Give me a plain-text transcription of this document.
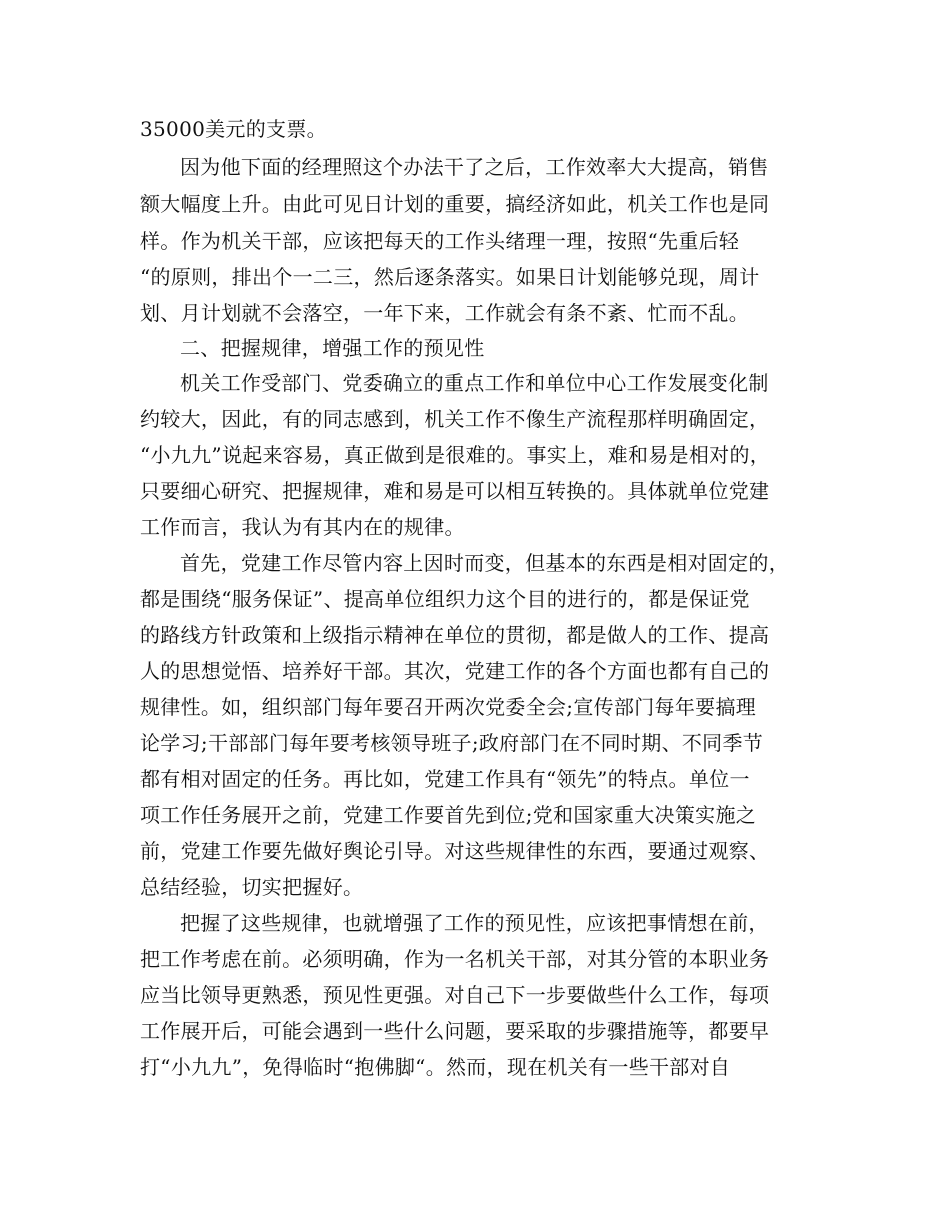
35000美元的支票。
因为他下面的经理照这个办法干了之后，工作效率大大提高，销售
额大幅度上升。由此可见日计划的重要，搞经济如此，机关工作也是同
样。作为机关干部，应该把每天的工作头绪理一理，按照“先重后轻
“的原则，排出个一二三，然后逐条落实。如果日计划能够兑现，周计
划、月计划就不会落空，一年下来，工作就会有条不紊、忙而不乱。
二、把握规律，增强工作的预见性
机关工作受部门、党委确立的重点工作和单位中心工作发展变化制
约较大，因此，有的同志感到，机关工作不像生产流程那样明确固定，
“小九九”说起来容易，真正做到是很难的。事实上，难和易是相对的，
只要细心研究、把握规律，难和易是可以相互转换的。具体就单位党建
工作而言，我认为有其内在的规律。
首先，党建工作尽管内容上因时而变，但基本的东西是相对固定的，
都是围绕“服务保证”、提高单位组织力这个目的进行的，都是保证党
的路线方针政策和上级指示精神在单位的贯彻，都是做人的工作、提高
人的思想觉悟、培养好干部。其次，党建工作的各个方面也都有自己的
规律性。如，组织部门每年要召开两次党委全会;宣传部门每年要搞理
论学习;干部部门每年要考核领导班子;政府部门在不同时期、不同季节
都有相对固定的任务。再比如，党建工作具有“领先”的特点。单位一
项工作任务展开之前，党建工作要首先到位;党和国家重大决策实施之
前，党建工作要先做好舆论引导。对这些规律性的东西，要通过观察、
总结经验，切实把握好。
把握了这些规律，也就增强了工作的预见性，应该把事情想在前，
把工作考虑在前。必须明确，作为一名机关干部，对其分管的本职业务
应当比领导更熟悉，预见性更强。对自己下一步要做些什么工作，每项
工作展开后，可能会遇到一些什么问题，要采取的步骤措施等，都要早
打“小九九”，免得临时“抱佛脚“。然而，现在机关有一些干部对自
